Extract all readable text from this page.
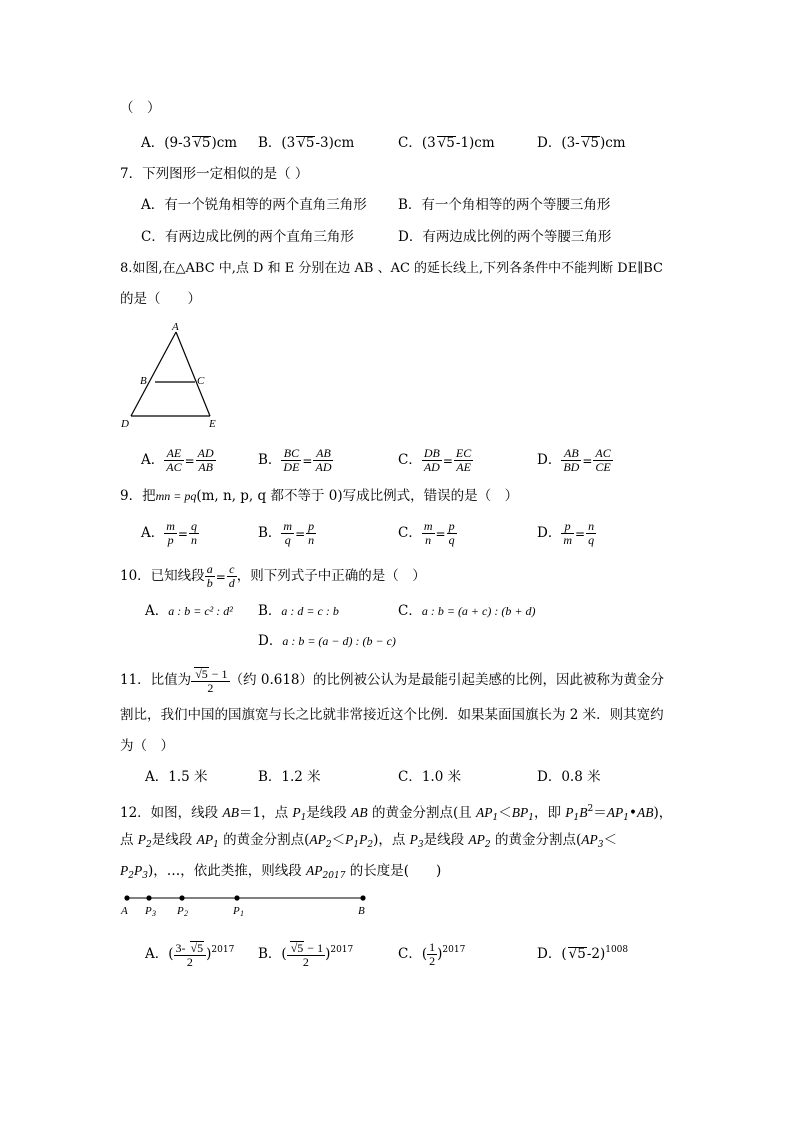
（　）
A．(9-3 √5)cm B．(3 √5-3)cm	C．(3 √5-1)cm	D．(3- √5)cm
7．下列图形一定相似的是（ ）
A．有一个锐角相等的两个直角三角形 B．有一个角相等的两个等腰三角形
C．有两边成比例的两个直角三角形	D．有两边成比例的两个等腰三角形
8.如图,在△ABC 中,点 D 和 E 分别在边 AB 、AC 的延长线上,下列各条件中不能判断 DE∥BC
的是（　　）
A
B	C
D	E
A． $\frac{AE}{AC} = \frac{AD}{AB}$	B． $\frac{BC}{DE} = \frac{AB}{AD}$	C． $\frac{DB}{AD} = \frac{EC}{AE}$	D． $\frac{AB}{BD} = \frac{AC}{CE}$
9．把mn = pq(m, n, p, q 都不等于 0)写成比例式，错误的是（　）
A． $\frac{m}{p} = \frac{q}{n}$	B． $\frac{m}{q} = \frac{p}{n}$	C． $\frac{m}{n} = \frac{p}{q}$	D． $\frac{p}{m} = \frac{n}{q}$
10．已知线段 $\frac{a}{b} = \frac{c}{d}$ ，则下列式子中正确的是（　）
A．a : b = c² : d² B．a : d = c : b	C．a : b = (a + c) : (b + d)
D．a : b = (a − d) : (b − c)
11．比值为 $\frac{√5 - 1}{2}$ （约 0.618）的比例被公认为是最能引起美感的比例，因此被称为黄金分
割比，我们中国的国旗宽与长之比就非常接近这个比例．如果某面国旗长为 2 米．则其宽约
为（　）
A．1.5 米	B．1.2 米	C．1.0 米	D．0.8 米
12．如图，线段 AB＝1，点 $P_1$是线段 AB 的黄金分割点(且 $AP_1<BP_1$，即 $P_1B^2=AP_1•AB$)，
点 $P_2$是线段 $AP_1$ 的黄金分割点$(AP_2<P_1P_2)$，点 $P_3$是线段 $AP_2$ 的黄金分割点($AP_3<$
$P_2P_3$)，…，依此类推，则线段 $AP_{2017}$ 的长度是(　　)
A P 3 P 2	P 1	B
A．( $\frac{3- √5}{2} )^{2017}$ B．( $\frac{√5 - 1}{2} )^{2017}$	C．( $\frac{1}{2} )^{2017}$	D．( √5-2)$^{1008}$
